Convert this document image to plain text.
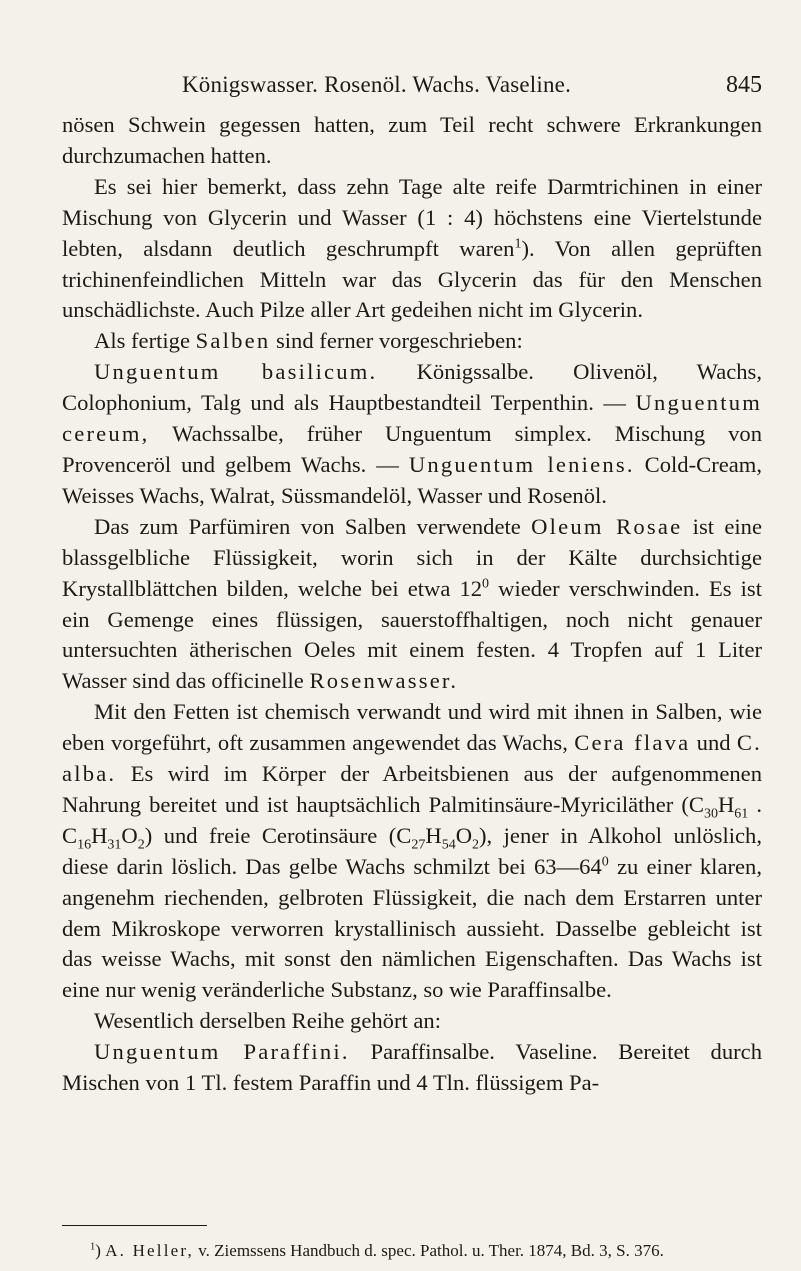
Königswasser. Rosenöl. Wachs. Vaseline.	845

nösen Schwein gegessen hatten, zum Teil recht schwere Erkrankungen durchzumachen hatten.

Es sei hier bemerkt, dass zehn Tage alte reife Darmtrichinen in einer Mischung von Glycerin und Wasser (1 : 4) höchstens eine Viertelstunde lebten, alsdann deutlich geschrumpft waren$^1$). Von allen geprüften trichinenfeindlichen Mitteln war das Glycerin das für den Menschen unschädlichste. Auch Pilze aller Art gedeihen nicht im Glycerin.

Als fertige Salben sind ferner vorgeschrieben:

Unguentum basilicum. Königssalbe. Olivenöl, Wachs, Colophonium, Talg und als Hauptbestandteil Terpenthin. — Unguentum cereum, Wachssalbe, früher Unguentum simplex. Mischung von Provenceröl und gelbem Wachs. — Unguentum leniens. Cold-Cream, Weisses Wachs, Walrat, Süssmandelöl, Wasser und Rosenöl.

Das zum Parfümiren von Salben verwendete Oleum Rosae ist eine blassgelbliche Flüssigkeit, worin sich in der Kälte durchsichtige Krystallblättchen bilden, welche bei etwa $12^0$ wieder verschwinden. Es ist ein Gemenge eines flüssigen, sauerstoffhaltigen, noch nicht genauer untersuchten ätherischen Oeles mit einem festen. 4 Tropfen auf 1 Liter Wasser sind das officinelle Rosenwasser.

Mit den Fetten ist chemisch verwandt und wird mit ihnen in Salben, wie eben vorgeführt, oft zusammen angewendet das Wachs, Cera flava und C. alba. Es wird im Körper der Arbeitsbienen aus der aufgenommenen Nahrung bereitet und ist hauptsächlich Palmitinsäure-Myriciläther ($C_{30}H_{61}$ . $C_{16}H_{31}O_2$) und freie Cerotinsäure $(C_{27}H_{54}O_2)$, jener in Alkohol unlöslich, diese darin löslich. Das gelbe Wachs schmilzt bei $63—64^0$ zu einer klaren, angenehm riechenden, gelbroten Flüssigkeit, die nach dem Erstarren unter dem Mikroskope verworren krystallinisch aussieht. Dasselbe gebleicht ist das weisse Wachs, mit sonst den nämlichen Eigenschaften. Das Wachs ist eine nur wenig veränderliche Substanz, so wie Paraffinsalbe.

Wesentlich derselben Reihe gehört an:

Unguentum Paraffini. Paraffinsalbe. Vaseline. Bereitet durch Mischen von 1 Tl. festem Paraffin und 4 Tln. flüssigem Pa-

$^1$) A. Heller, v. Ziemssens Handbuch d. spec. Pathol. u. Ther. 1874, Bd. 3, S. 376.
